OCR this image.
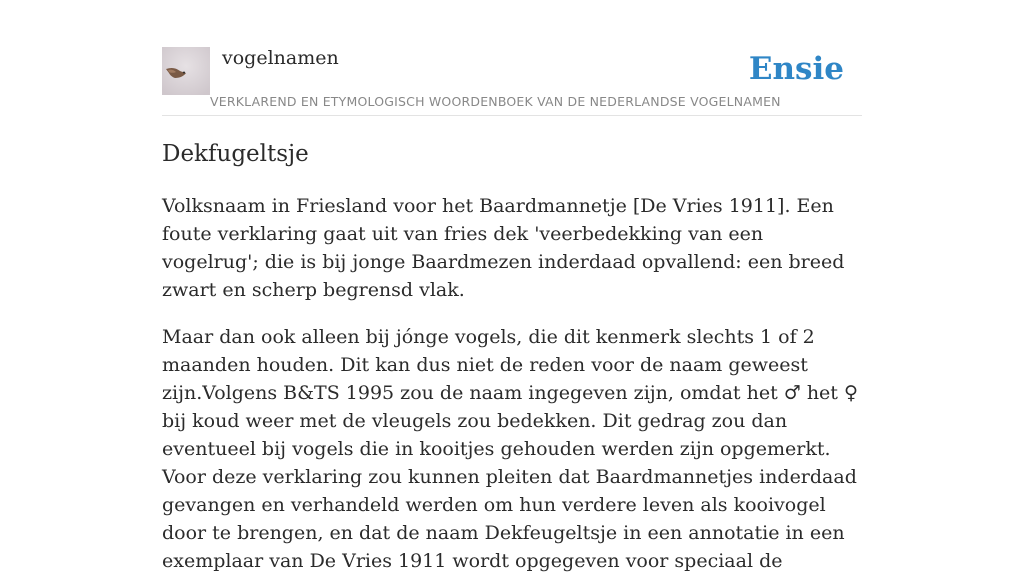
vogelnamen
VERKLAREND EN ETYMOLOGISCH WOORDENBOEK VAN DE NEDERLANDSE VOGELNAMEN
Ensie
Dekfugeltsje

Volksnaam in Friesland voor het Baardmannetje [De Vries 1911]. Een foute verklaring gaat uit van fries dek 'veerbedekking van een vogelrug'; die is bij jonge Baardmezen inderdaad opvallend: een breed zwart en scherp begrensd vlak.

Maar dan ook alleen bij jónge vogels, die dit kenmerk slechts 1 of 2 maanden houden. Dit kan dus niet de reden voor de naam geweest zijn.Volgens B&TS 1995 zou de naam ingegeven zijn, omdat het ♂ het ♀ bij koud weer met de vleugels zou bedekken. Dit gedrag zou dan eventueel bij vogels die in kooitjes gehouden werden zijn opgemerkt. Voor deze verklaring zou kunnen pleiten dat Baardmannetjes inderdaad gevangen en verhandeld werden om hun verdere leven als kooivogel door te brengen, en dat de naam Dekfeugeltsje in een annotatie in een exemplaar van De Vries 1911 wordt opgegeven voor speciaal de
